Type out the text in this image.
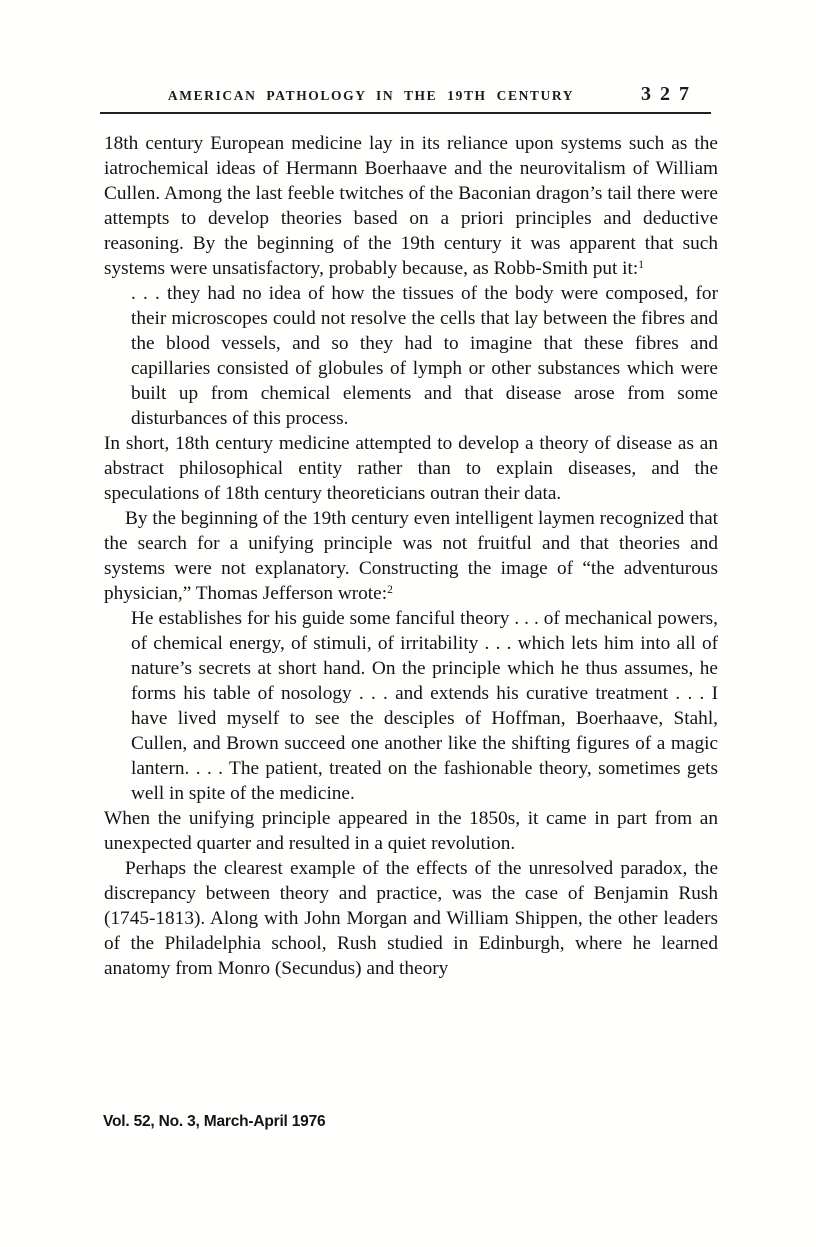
AMERICAN PATHOLOGY IN THE 19TH CENTURY	327

18th century European medicine lay in its reliance upon systems such as the iatrochemical ideas of Hermann Boerhaave and the neurovitalism of William Cullen. Among the last feeble twitches of the Baconian dragon’s tail there were attempts to develop theories based on a priori principles and deductive reasoning. By the beginning of the 19th century it was apparent that such systems were unsatisfactory, probably because, as Robb-Smith put it:$^1$

. . . they had no idea of how the tissues of the body were composed, for their microscopes could not resolve the cells that lay between the fibres and the blood vessels, and so they had to imagine that these fibres and capillaries consisted of globules of lymph or other substances which were built up from chemical elements and that disease arose from some disturbances of this process.

In short, 18th century medicine attempted to develop a theory of disease as an abstract philosophical entity rather than to explain diseases, and the speculations of 18th century theoreticians outran their data.

By the beginning of the 19th century even intelligent laymen recognized that the search for a unifying principle was not fruitful and that theories and systems were not explanatory. Constructing the image of “the adventurous physician,” Thomas Jefferson wrote:$^2$

He establishes for his guide some fanciful theory . . . of mechanical powers, of chemical energy, of stimuli, of irritability . . . which lets him into all of nature’s secrets at short hand. On the principle which he thus assumes, he forms his table of nosology . . . and extends his curative treatment . . . I have lived myself to see the desciples of Hoffman, Boerhaave, Stahl, Cullen, and Brown succeed one another like the shifting figures of a magic lantern. . . . The patient, treated on the fashionable theory, sometimes gets well in spite of the medicine.

When the unifying principle appeared in the 1850s, it came in part from an unexpected quarter and resulted in a quiet revolution.

Perhaps the clearest example of the effects of the unresolved paradox, the discrepancy between theory and practice, was the case of Benjamin Rush (1745-1813). Along with John Morgan and William Shippen, the other leaders of the Philadelphia school, Rush studied in Edinburgh, where he learned anatomy from Monro (Secundus) and theory

Vol. 52, No. 3, March-April 1976
